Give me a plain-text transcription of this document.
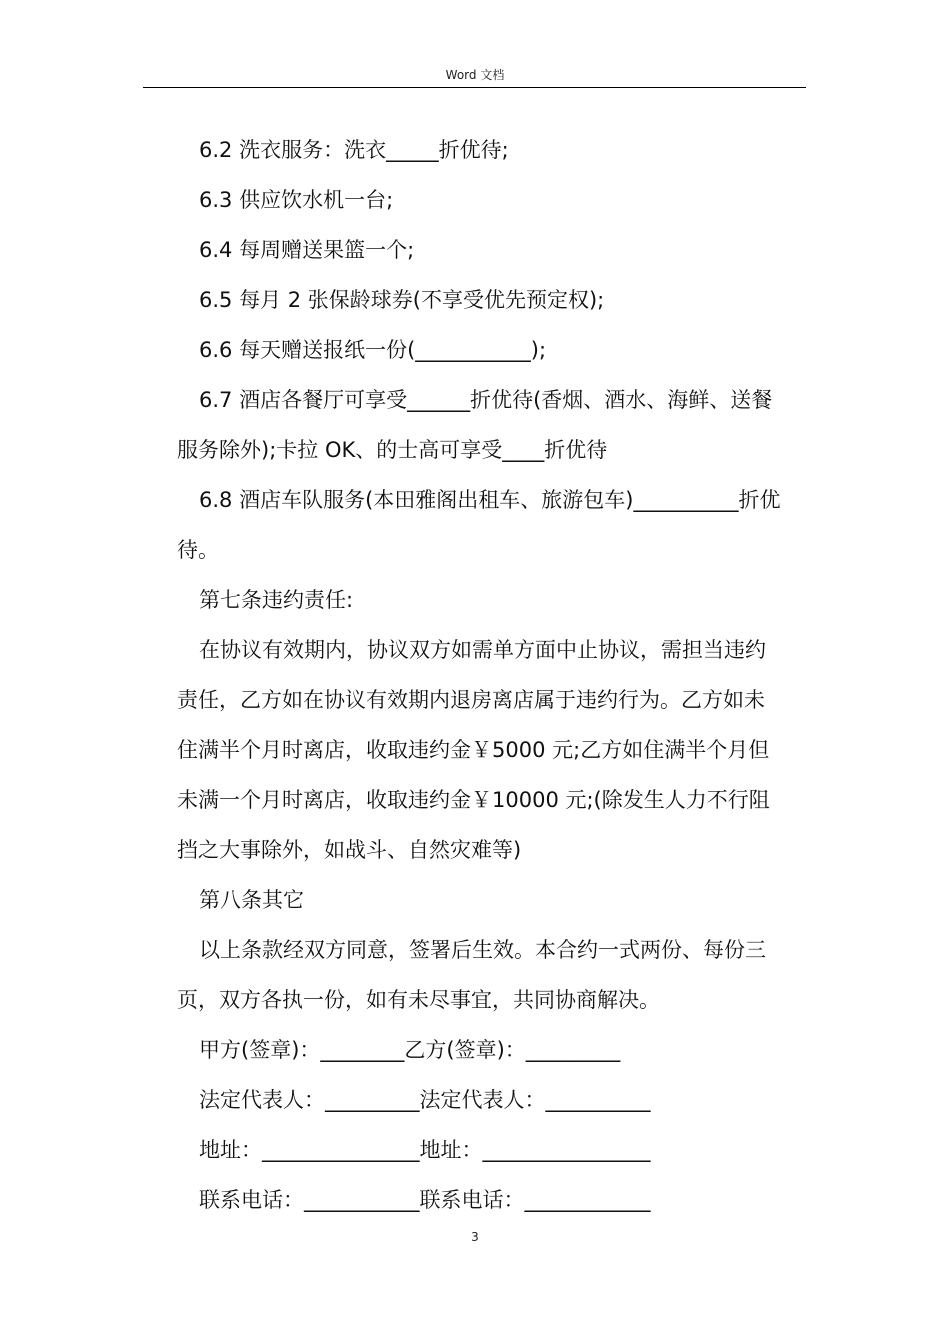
Word 文档
6.2 洗衣服务：洗衣_____折优待;
6.3 供应饮水机一台;
6.4 每周赠送果篮一个;
6.5 每月 2 张保龄球券(不享受优先预定权);
6.6 每天赠送报纸一份(___________);
6.7 酒店各餐厅可享受______折优待(香烟、酒水、海鲜、送餐
服务除外);卡拉 OK、的士高可享受____折优待
6.8 酒店车队服务(本田雅阁出租车、旅游包车)__________折优
待。
第七条违约责任:
在协议有效期内，协议双方如需单方面中止协议，需担当违约
责任，乙方如在协议有效期内退房离店属于违约行为。乙方如未
住满半个月时离店，收取违约金￥5000 元;乙方如住满半个月但
未满一个月时离店，收取违约金￥10000 元;(除发生人力不行阻
挡之大事除外，如战斗、自然灾难等)
第八条其它
以上条款经双方同意，签署后生效。本合约一式两份、每份三
页，双方各执一份，如有未尽事宜，共同协商解决。
甲方(签章)：________乙方(签章)：_________
法定代表人：_________法定代表人：__________
地址：_______________地址：________________
联系电话：___________联系电话：____________
3
